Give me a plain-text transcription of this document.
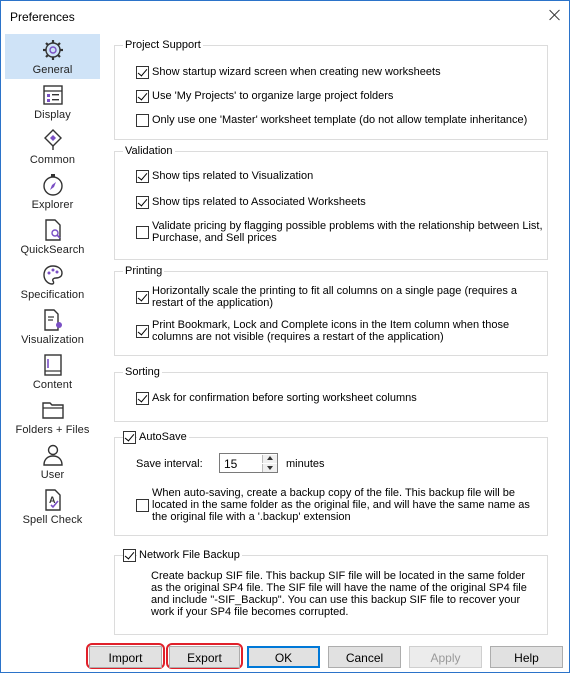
Preferences
General
Display
Common
Explorer
QuickSearch
Specification
Visualization
Content
Folders + Files
User
A
Spell Check
Project Support
Show startup wizard screen when creating new worksheets
Use 'My Projects' to organize large project folders
Only use one 'Master' worksheet template (do not allow template inheritance)
Validation
Show tips related to Visualization
Show tips related to Associated Worksheets
Validate pricing by flagging possible problems with the relationship between List,
Purchase, and Sell prices
Printing
Horizontally scale the printing to fit all columns on a single page (requires a
restart of the application)
Print Bookmark, Lock and Complete icons in the Item column when those
columns are not visible (requires a restart of the application)
Sorting
Ask for confirmation before sorting worksheet columns
AutoSave
Save interval: 15	minutes
When auto-saving, create a backup copy of the file. This backup file will be
located in the same folder as the original file, and will have the same name as
the original file with a '.backup' extension
Network File Backup
Create backup SIF file. This backup SIF file will be located in the same folder
as the original SP4 file. The SIF file will have the name of the original SP4 file
and include "-SIF_Backup". You can use this backup SIF file to recover your
work if your SP4 file becomes corrupted.
Import	Export	OK	Cancel	Apply	Help
